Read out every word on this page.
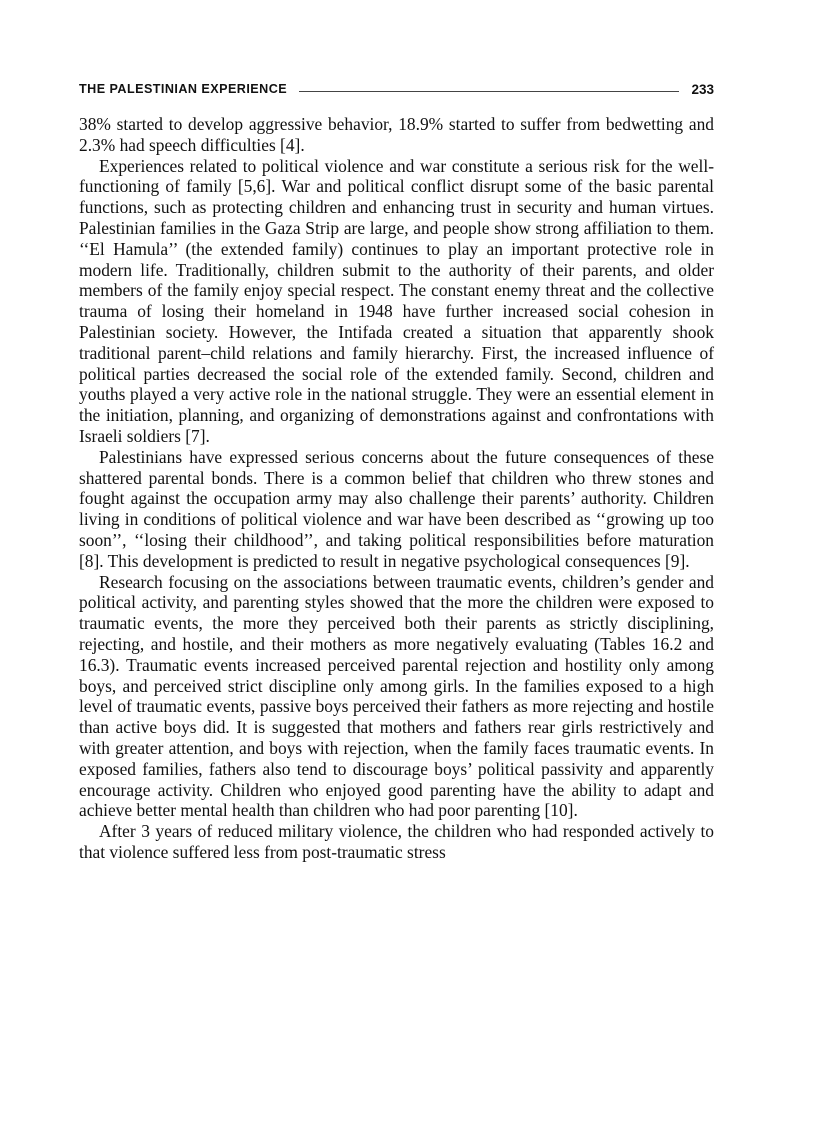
THE PALESTINIAN EXPERIENCE	233

38% started to develop aggressive behavior, 18.9% started to suffer from bedwetting and 2.3% had speech difficulties [4].

Experiences related to political violence and war constitute a serious risk for the well-functioning of family [5,6]. War and political conflict disrupt some of the basic parental functions, such as protecting children and enhancing trust in security and human virtues. Palestinian families in the Gaza Strip are large, and people show strong affiliation to them. ‘‘El Hamula’’ (the extended family) continues to play an important protective role in modern life. Traditionally, children submit to the authority of their parents, and older members of the family enjoy special respect. The constant enemy threat and the collective trauma of losing their homeland in 1948 have further increased social cohesion in Palestinian society. However, the Intifada created a situation that apparently shook traditional parent–child relations and family hierarchy. First, the increased influence of political parties decreased the social role of the extended family. Second, children and youths played a very active role in the national struggle. They were an essential element in the initiation, planning, and organizing of demonstrations against and confrontations with Israeli soldiers [7].

Palestinians have expressed serious concerns about the future consequences of these shattered parental bonds. There is a common belief that children who threw stones and fought against the occupation army may also challenge their parents’ authority. Children living in conditions of political violence and war have been described as ‘‘growing up too soon’’, ‘‘losing their childhood’’, and taking political responsibilities before maturation [8]. This development is predicted to result in negative psychological consequences [9].

Research focusing on the associations between traumatic events, children’s gender and political activity, and parenting styles showed that the more the children were exposed to traumatic events, the more they perceived both their parents as strictly disciplining, rejecting, and hostile, and their mothers as more negatively evaluating (Tables 16.2 and 16.3). Traumatic events increased perceived parental rejection and hostility only among boys, and perceived strict discipline only among girls. In the families exposed to a high level of traumatic events, passive boys perceived their fathers as more rejecting and hostile than active boys did. It is suggested that mothers and fathers rear girls restrictively and with greater attention, and boys with rejection, when the family faces traumatic events. In exposed families, fathers also tend to discourage boys’ political passivity and apparently encourage activity. Children who enjoyed good parenting have the ability to adapt and achieve better mental health than children who had poor parenting [10].

After 3 years of reduced military violence, the children who had responded actively to that violence suffered less from post-traumatic stress
